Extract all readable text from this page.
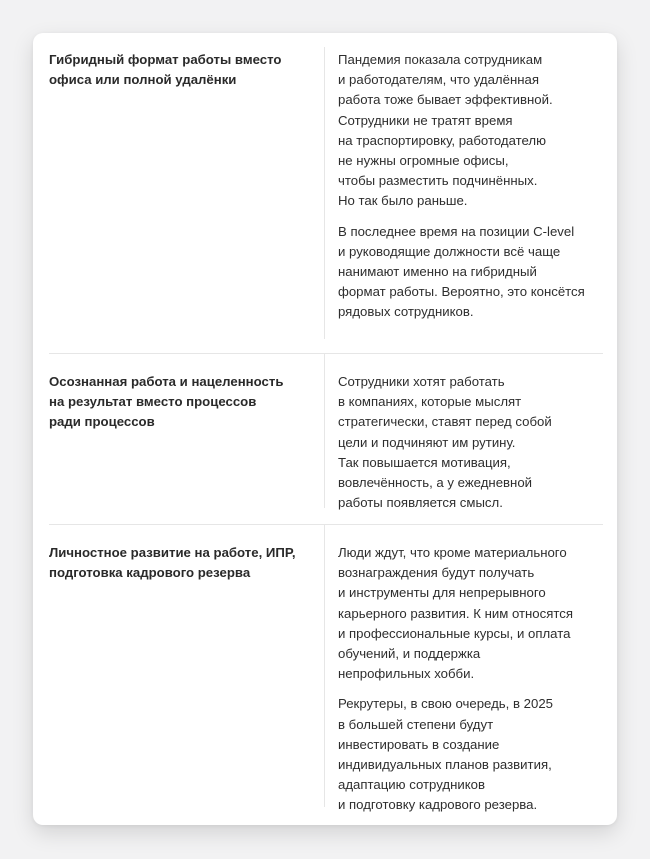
Гибридный формат работы вместо
офиса или полной удалёнки

Пандемия показала сотрудникам
и работодателям, что удалённая
работа тоже бывает эффективной.
Сотрудники не тратят время
на траспортировку, работодателю
не нужны огромные офисы,
чтобы разместить подчинённых.
Но так было раньше.

В последнее время на позиции C-level
и руководящие должности всё чаще
нанимают именно на гибридный
формат работы. Вероятно, это консётся
рядовых сотрудников.

Осознанная работа и нацеленность
на результат вместо процессов
ради процессов

Сотрудники хотят работать
в компаниях, которые мыслят
стратегически, ставят перед собой
цели и подчиняют им рутину.
Так повышается мотивация,
вовлечённость, а у ежедневной
работы появляется смысл.

Личностное развитие на работе, ИПР,
подготовка кадрового резерва

Люди ждут, что кроме материального
вознаграждения будут получать
и инструменты для непрерывного
карьерного развития. К ним относятся
и профессиональные курсы, и оплата
обучений, и поддержка
непрофильных хобби.

Рекрутеры, в свою очередь, в 2025
в большей степени будут
инвестировать в создание
индивидуальных планов развития,
адаптацию сотрудников
и подготовку кадрового резерва.
